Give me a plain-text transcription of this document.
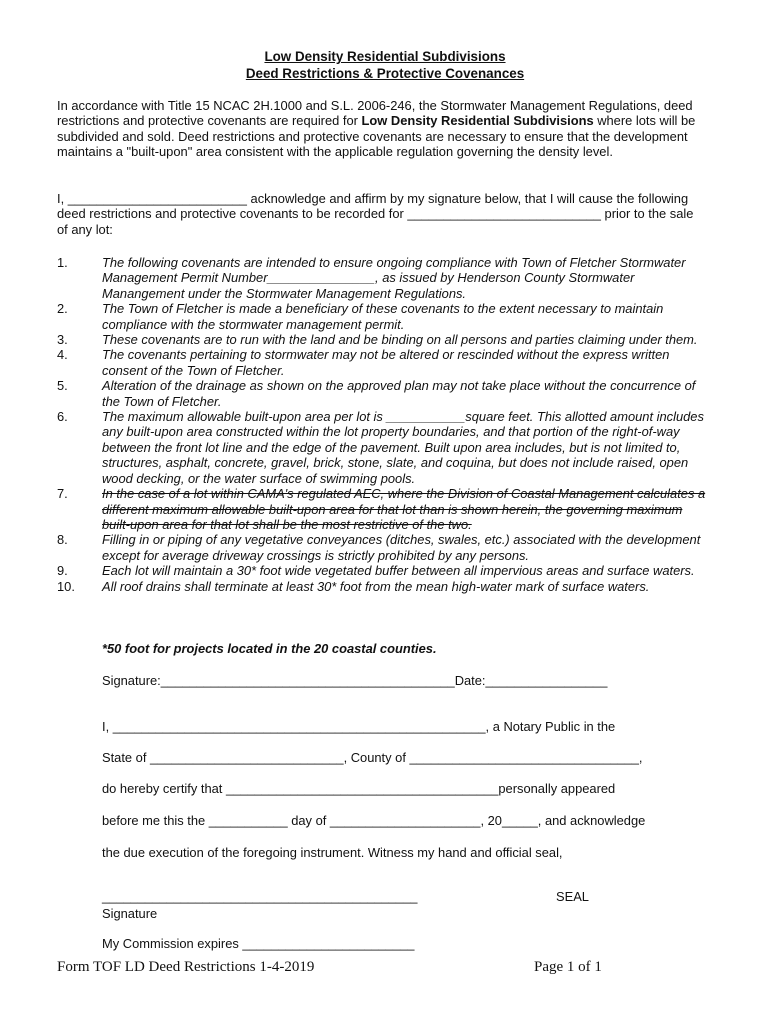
Low Density Residential Subdivisions
Deed Restrictions & Protective Covenances
In accordance with Title 15 NCAC 2H.1000 and S.L. 2006-246, the Stormwater Management Regulations, deed restrictions and protective covenants are required for Low Density Residential Subdivisions where lots will be subdivided and sold. Deed restrictions and protective covenants are necessary to ensure that the development maintains a "built-upon" area consistent with the applicable regulation governing the density level.
I, _________________________ acknowledge and affirm by my signature below, that I will cause the following deed restrictions and protective covenants to be recorded for ___________________________ prior to the sale of any lot:
1.	The following covenants are intended to ensure ongoing compliance with Town of Fletcher Stormwater Management Permit Number_______________, as issued by Henderson County Stormwater Manangement under the Stormwater Management Regulations.
2.	The Town of Fletcher is made a beneficiary of these covenants to the extent necessary to maintain compliance with the stormwater management permit.
3.	These covenants are to run with the land and be binding on all persons and parties claiming under them.
4.	The covenants pertaining to stormwater may not be altered or rescinded without the express written consent of the Town of Fletcher.
5.	Alteration of the drainage as shown on the approved plan may not take place without the concurrence of the Town of Fletcher.
6.	The maximum allowable built-upon area per lot is ___________square feet. This allotted amount includes any built-upon area constructed within the lot property boundaries, and that portion of the right-of-way between the front lot line and the edge of the pavement. Built upon area includes, but is not limited to, structures, asphalt, concrete, gravel, brick, stone, slate, and coquina, but does not include raised, open wood decking, or the water surface of swimming pools.
7.	In the case of a lot within CAMA's regulated AEC, where the Division of Coastal Management calculates a different maximum allowable built-upon area for that lot than is shown herein, the governing maximum built-upon area for that lot shall be the most restrictive of the two.
8.	Filling in or piping of any vegetative conveyances (ditches, swales, etc.) associated with the development except for average driveway crossings is strictly prohibited by any persons.
9.	Each lot will maintain a 30* foot wide vegetated buffer between all impervious areas and surface waters.
10. All roof drains shall terminate at least 30* foot from the mean high-water mark of surface waters.
*50 foot for projects located in the 20 coastal counties.
Signature:_________________________________________Date:_________________
I, ____________________________________________________, a Notary Public in the
State of ___________________________, County of ________________________________,
do hereby certify that ______________________________________personally appeared
before me this the ___________ day of _____________________, 20_____, and acknowledge
the due execution of the foregoing instrument. Witness my hand and official seal,
____________________________________________	SEAL
Signature
My Commission expires ________________________
Form TOF LD Deed Restrictions 1-4-2019	Page 1 of 1
